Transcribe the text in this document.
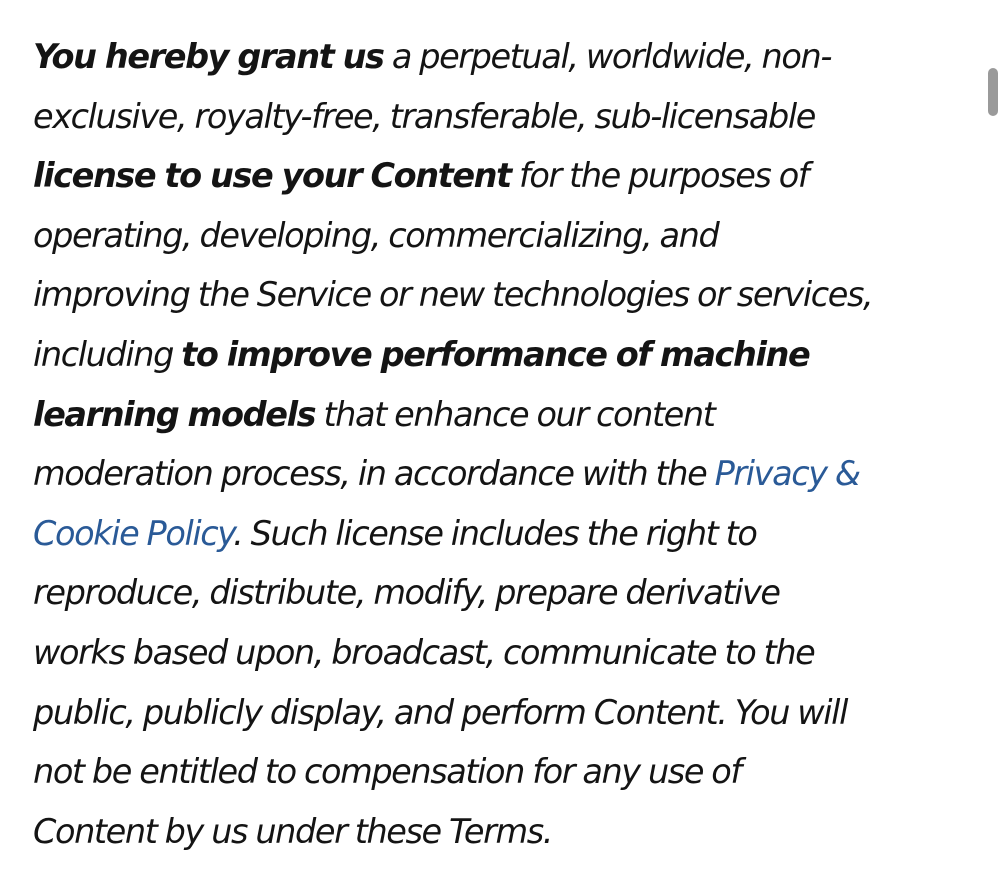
You hereby grant us a perpetual, worldwide, non-
exclusive, royalty-free, transferable, sub-licensable
license to use your Content for the purposes of
operating, developing, commercializing, and
improving the Service or new technologies or services,
including to improve performance of machine
learning models that enhance our content
moderation process, in accordance with the Privacy &
Cookie Policy. Such license includes the right to
reproduce, distribute, modify, prepare derivative
works based upon, broadcast, communicate to the
public, publicly display, and perform Content. You will
not be entitled to compensation for any use of
Content by us under these Terms.
